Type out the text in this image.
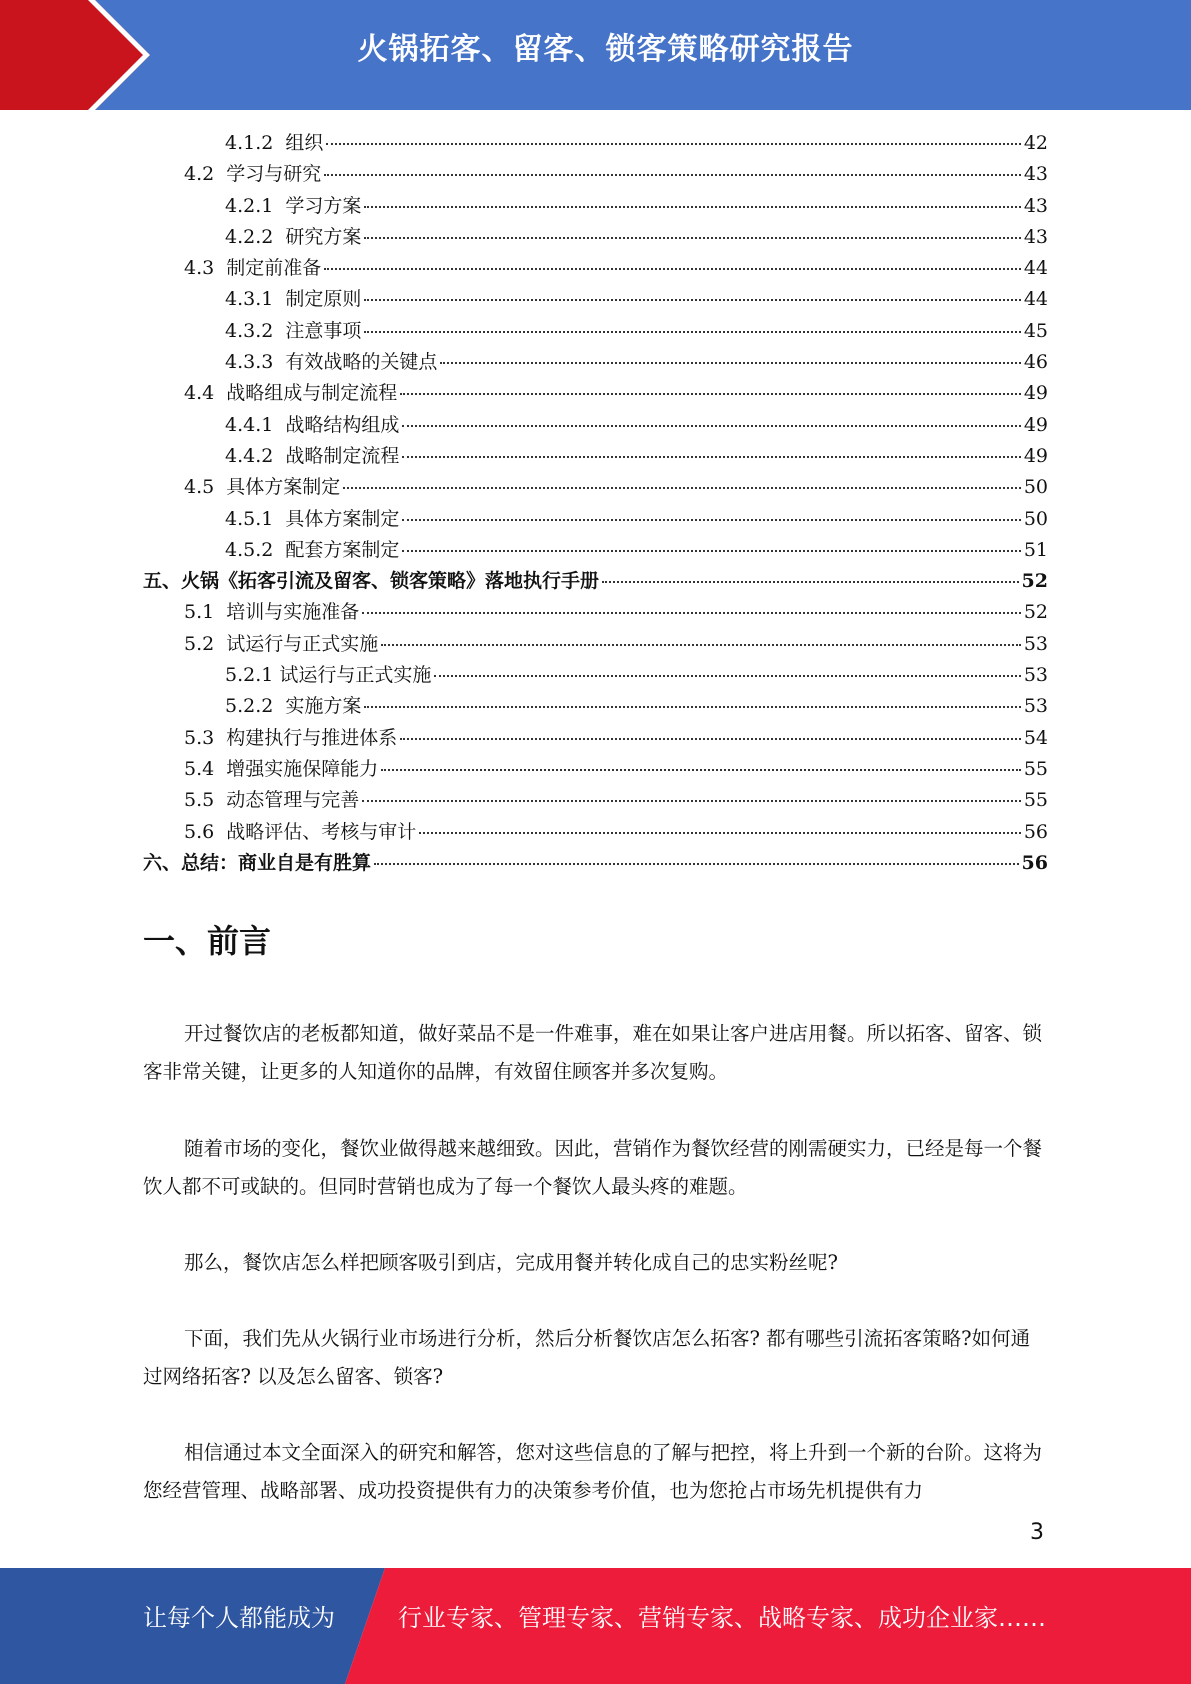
火锅拓客、留客、锁客策略研究报告
4.1.2  组织	42
4.2  学习与研究	43
4.2.1  学习方案	43
4.2.2  研究方案	43
4.3  制定前准备	44
4.3.1  制定原则	44
4.3.2  注意事项	45
4.3.3  有效战略的关键点	46
4.4  战略组成与制定流程	49
4.4.1  战略结构组成	49
4.4.2  战略制定流程	49
4.5  具体方案制定	50
4.5.1  具体方案制定	50
4.5.2  配套方案制定	51
五、火锅《拓客引流及留客、锁客策略》落地执行手册	52
5.1  培训与实施准备	52
5.2  试运行与正式实施	53
5.2.1 试运行与正式实施	53
5.2.2  实施方案	53
5.3  构建执行与推进体系	54
5.4  增强实施保障能力	55
5.5  动态管理与完善	55
5.6  战略评估、考核与审计	56
六、总结：商业自是有胜算	56
一、前言
开过餐饮店的老板都知道，做好菜品不是一件难事，难在如果让客户进店用餐。所以拓客、留客、锁客非常关键，让更多的人知道你的品牌，有效留住顾客并多次复购。
随着市场的变化，餐饮业做得越来越细致。因此，营销作为餐饮经营的刚需硬实力，已经是每一个餐饮人都不可或缺的。但同时营销也成为了每一个餐饮人最头疼的难题。
那么，餐饮店怎么样把顾客吸引到店，完成用餐并转化成自己的忠实粉丝呢?
下面，我们先从火锅行业市场进行分析，然后分析餐饮店怎么拓客? 都有哪些引流拓客策略?如何通过网络拓客? 以及怎么留客、锁客?
相信通过本文全面深入的研究和解答，您对这些信息的了解与把控，将上升到一个新的台阶。这将为您经营管理、战略部署、成功投资提供有力的决策参考价值，也为您抢占市场先机提供有力
3
让每个人都能成为	行业专家、管理专家、营销专家、战略专家、成功企业家……
